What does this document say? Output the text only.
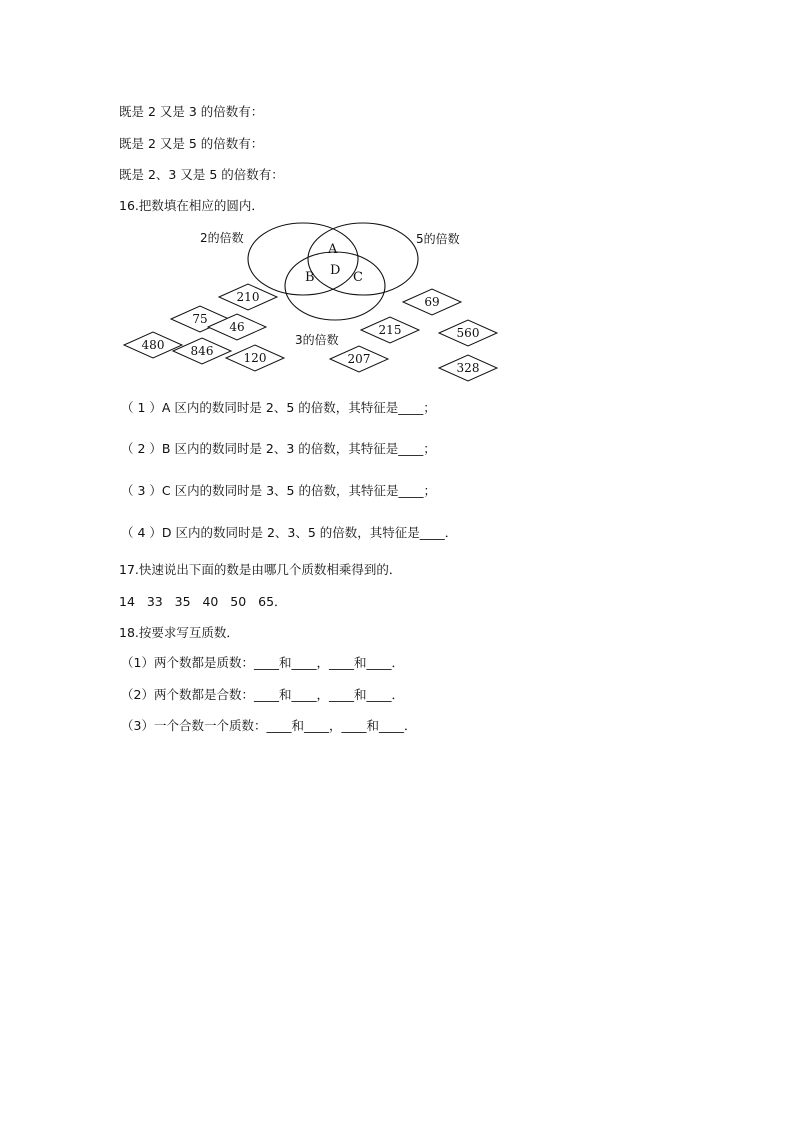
既是 2 又是 3 的倍数有：
既是 2 又是 5 的倍数有：
既是 2、3 又是 5 的倍数有：
16.把数填在相应的圆内．
2的倍数	5的倍数
3的倍数
A
B	C
D
210
75
46
480 846	120
215
207
69
560
328
（ 1 ）A 区内的数同时是 2、5 的倍数，其特征是____；
（ 2 ）B 区内的数同时是 2、3 的倍数，其特征是____；
（ 3 ）C 区内的数同时是 3、5 的倍数，其特征是____；
（ 4 ）D 区内的数同时是 2、3、5 的倍数，其特征是____．
17.快速说出下面的数是由哪几个质数相乘得到的．
14   33   35   40   50   65．
18.按要求写互质数．
（1）两个数都是质数：____和____，____和____．
（2）两个数都是合数：____和____，____和____．
（3）一个合数一个质数：____和____，____和____．
